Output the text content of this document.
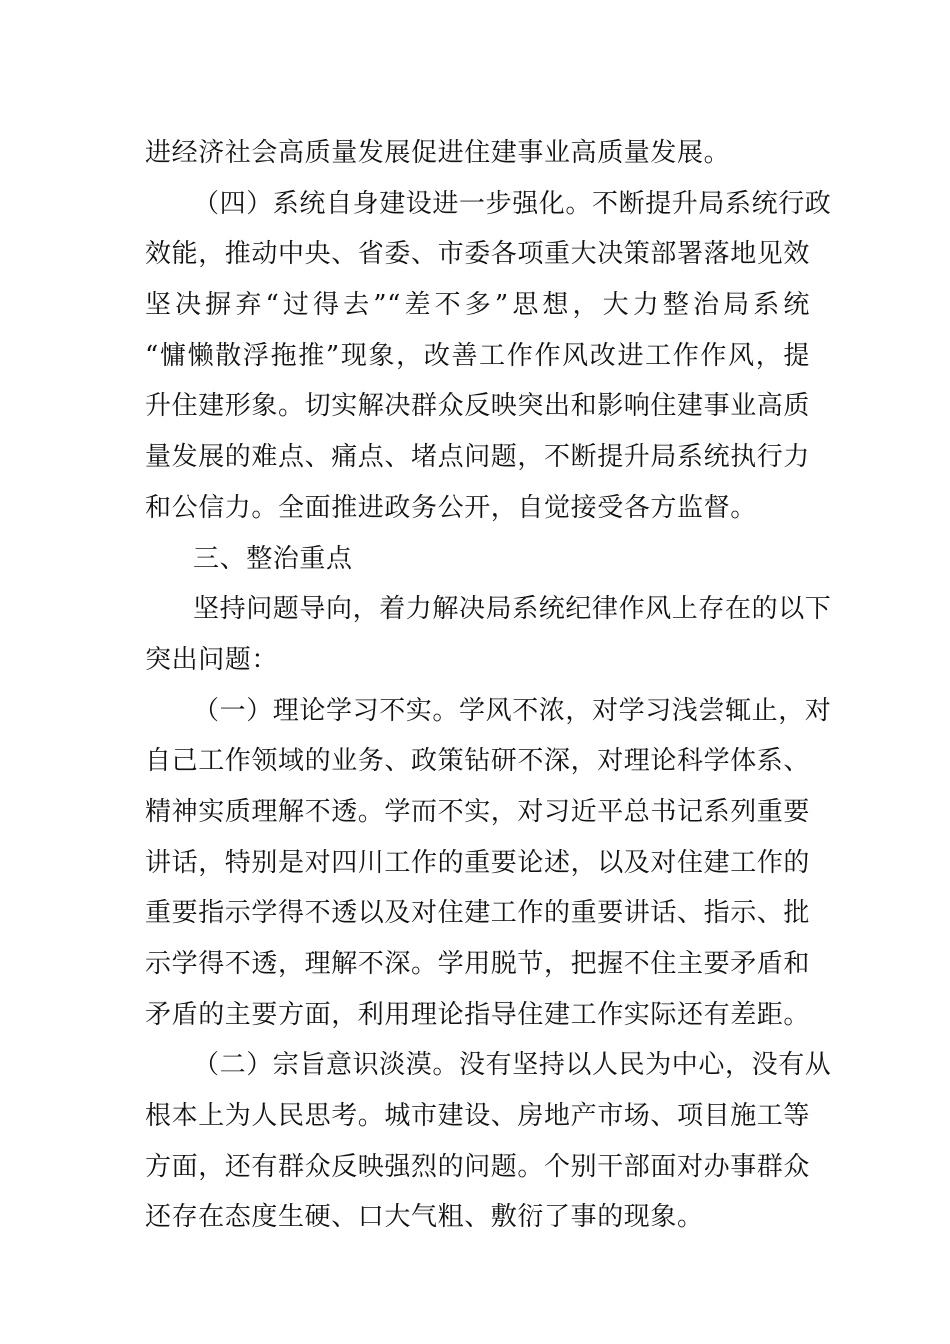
进经济社会高质量发展促进住建事业高质量发展。
（四）系统自身建设进一步强化。不断提升局系统行政
效能，推动中央、省委、市委各项重大决策部署落地见效
坚决摒弃“过得去”“差不多”思想，大力整治局系统
“慵懒散浮拖推”现象，改善工作作风改进工作作风，提
升住建形象。切实解决群众反映突出和影响住建事业高质
量发展的难点、痛点、堵点问题，不断提升局系统执行力
和公信力。全面推进政务公开，自觉接受各方监督。
三、整治重点
坚持问题导向，着力解决局系统纪律作风上存在的以下
突出问题：
（一）理论学习不实。学风不浓，对学习浅尝辄止，对
自己工作领域的业务、政策钻研不深，对理论科学体系、
精神实质理解不透。学而不实，对习近平总书记系列重要
讲话，特别是对四川工作的重要论述，以及对住建工作的
重要指示学得不透以及对住建工作的重要讲话、指示、批
示学得不透，理解不深。学用脱节，把握不住主要矛盾和
矛盾的主要方面，利用理论指导住建工作实际还有差距。
（二）宗旨意识淡漠。没有坚持以人民为中心，没有从
根本上为人民思考。城市建设、房地产市场、项目施工等
方面，还有群众反映强烈的问题。个别干部面对办事群众
还存在态度生硬、口大气粗、敷衍了事的现象。
